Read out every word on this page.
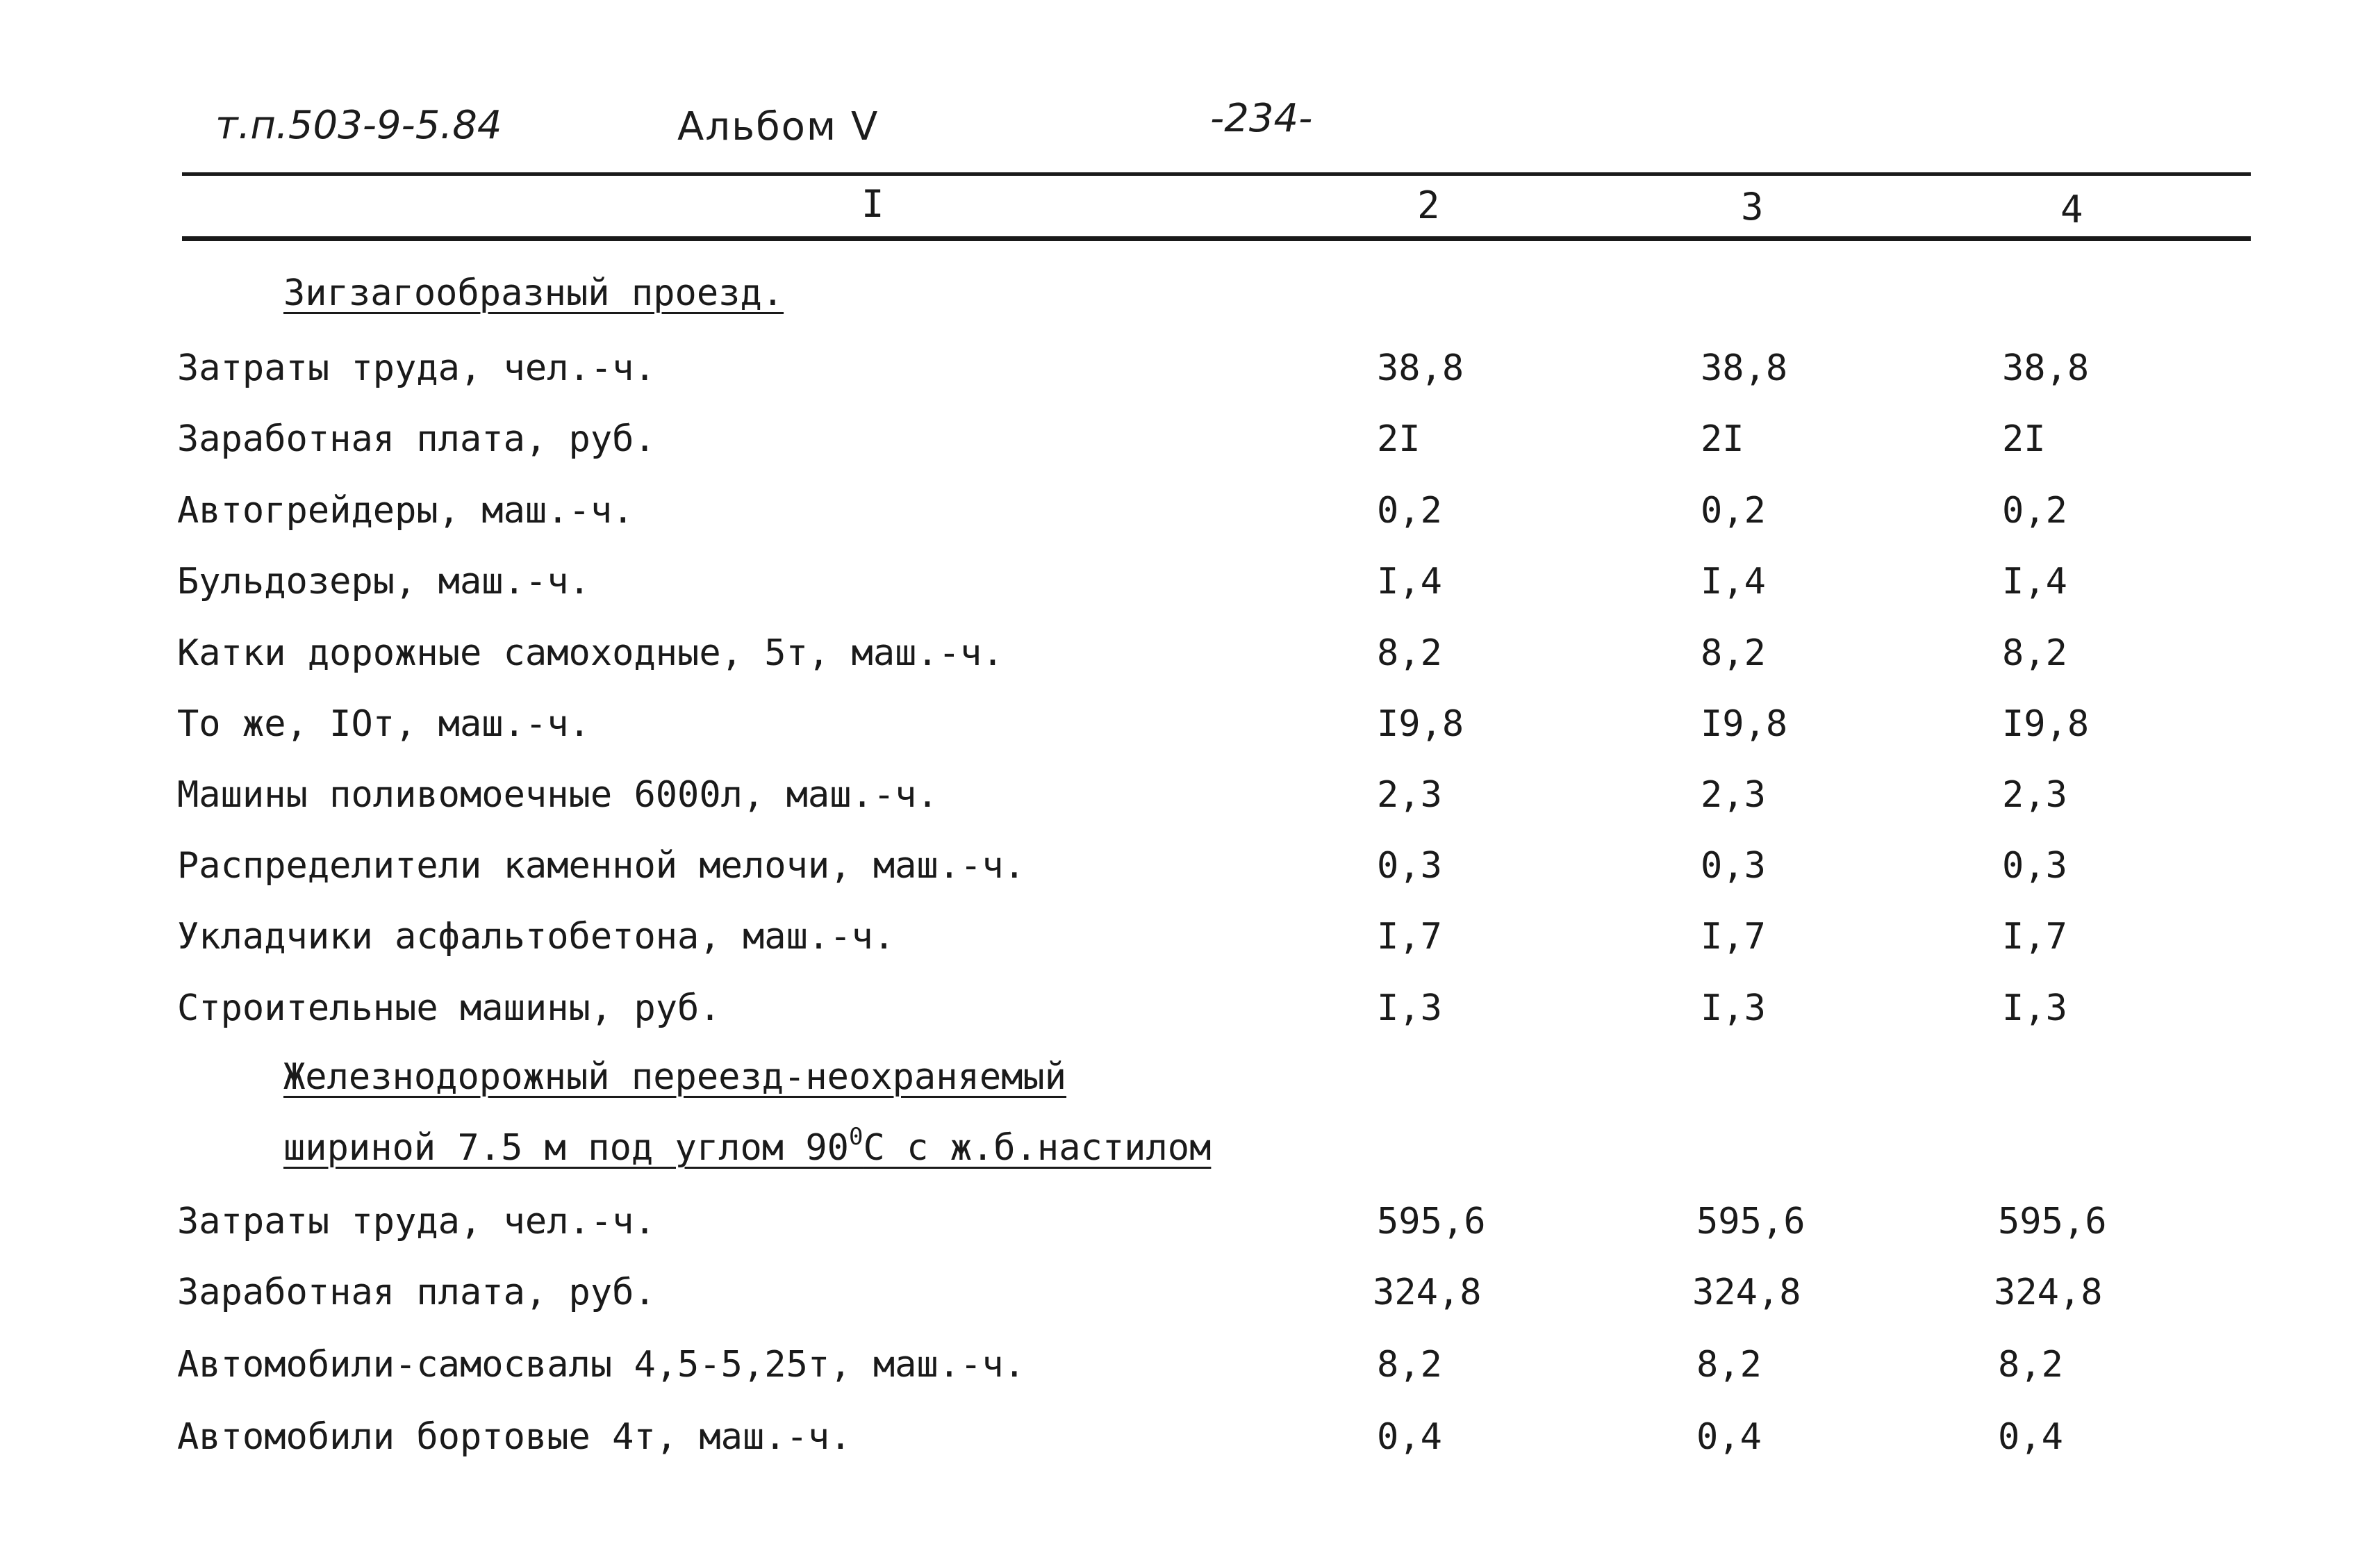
т.п.503-9-5.84	Альбом V	-234-
I	2	3	4
Зигзагообразный проезд.
Затраты труда, чел.-ч.	38,8	38,8	38,8
Заработная плата, руб.	2I	2I	2I
Автогрейдеры, маш.-ч.	0,2	0,2	0,2
Бульдозеры, маш.-ч.	I,4	I,4	I,4
Катки дорожные самоходные, 5т, маш.-ч.	8,2	8,2	8,2
То же, IOт, маш.-ч.	I9,8	I9,8	I9,8
Машины поливомоечные 6000л, маш.-ч.	2,3	2,3	2,3
Распределители каменной мелочи, маш.-ч.	0,3	0,3	0,3
Укладчики асфальтобетона, маш.-ч.	I,7	I,7	I,7
Строительные машины, руб.	I,3	I,3	I,3
Железнодорожный переезд-неохраняемый
шириной 7.5 м под углом $90^0C$ с ж.б.настилом
Затраты труда, чел.-ч.	595,6	595,6	595,6
Заработная плата, руб.	324,8	324,8	324,8
Автомобили-самосвалы 4,5-5,25т, маш.-ч.	8,2	8,2	8,2
Автомобили бортовые 4т, маш.-ч.	0,4	0,4	0,4
